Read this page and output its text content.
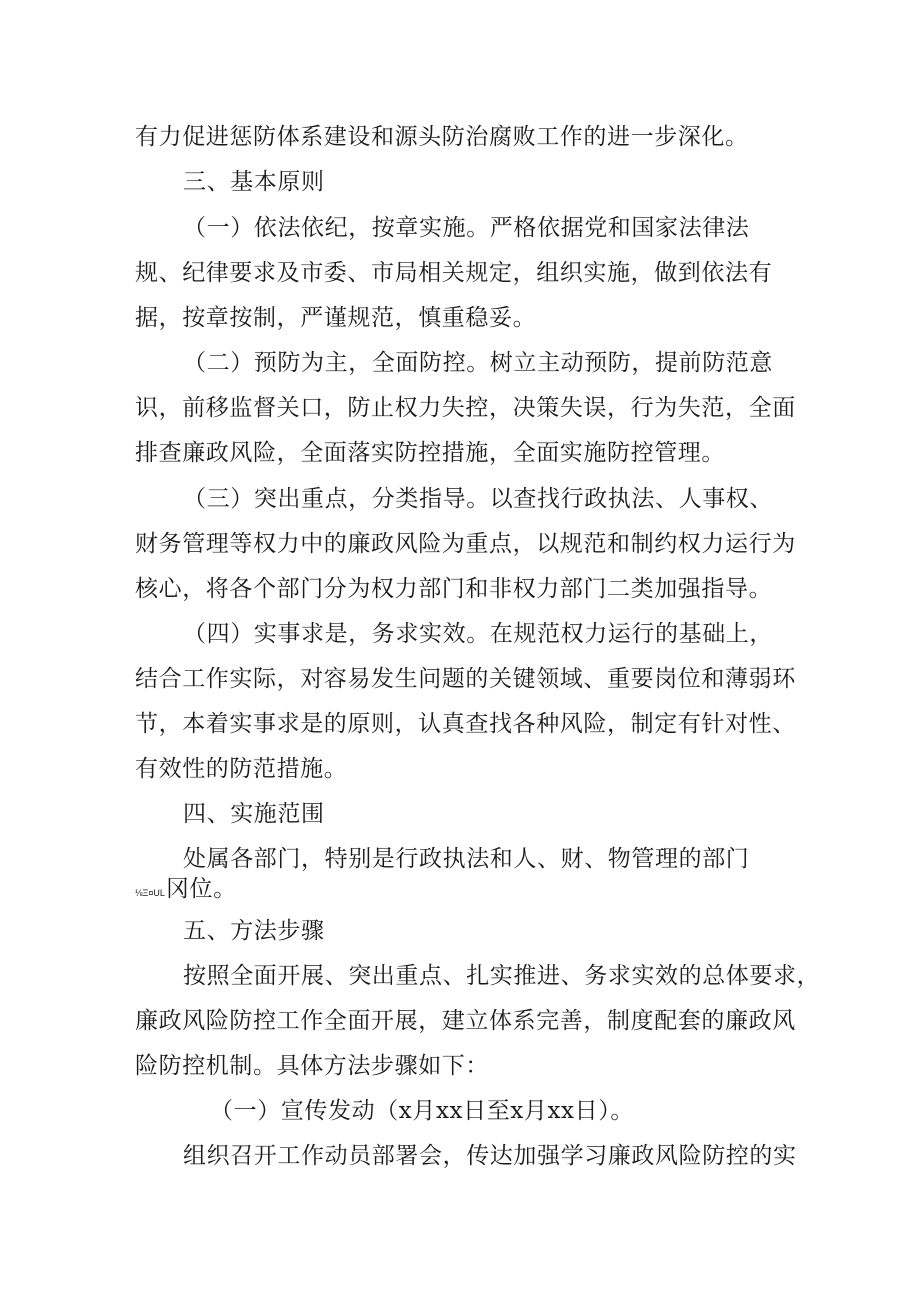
有力促进惩防体系建设和源头防治腐败工作的进一步深化。
三、基本原则
（一）依法依纪，按章实施。严格依据党和国家法律法
规、纪律要求及市委、市局相关规定，组织实施，做到依法有
据，按章按制，严谨规范，慎重稳妥。
（二）预防为主，全面防控。树立主动预防，提前防范意
识，前移监督关口，防止权力失控，决策失误，行为失范，全面
排查廉政风险，全面落实防控措施，全面实施防控管理。
（三）突出重点，分类指导。以查找行政执法、人事权、
财务管理等权力中的廉政风险为重点，以规范和制约权力运行为
核心，将各个部门分为权力部门和非权力部门二类加强指导。
（四）实事求是，务求实效。在规范权力运行的基础上，
结合工作实际，对容易发生问题的关键领域、重要岗位和薄弱环
节，本着实事求是的原则，认真查找各种风险，制定有针对性、
有效性的防范措施。
四、实施范围
处属各部门，特别是行政执法和人、财、物管理的部门
⅛Ξ¤UL冈位。
五、方法步骤
按照全面开展、突出重点、扎实推进、务求实效的总体要求，
廉政风险防控工作全面开展，建立体系完善，制度配套的廉政风
险防控机制。具体方法步骤如下：
（一）宣传发动（x月xx日至x月xx日）。
组织召开工作动员部署会，传达加强学习廉政风险防控的实
